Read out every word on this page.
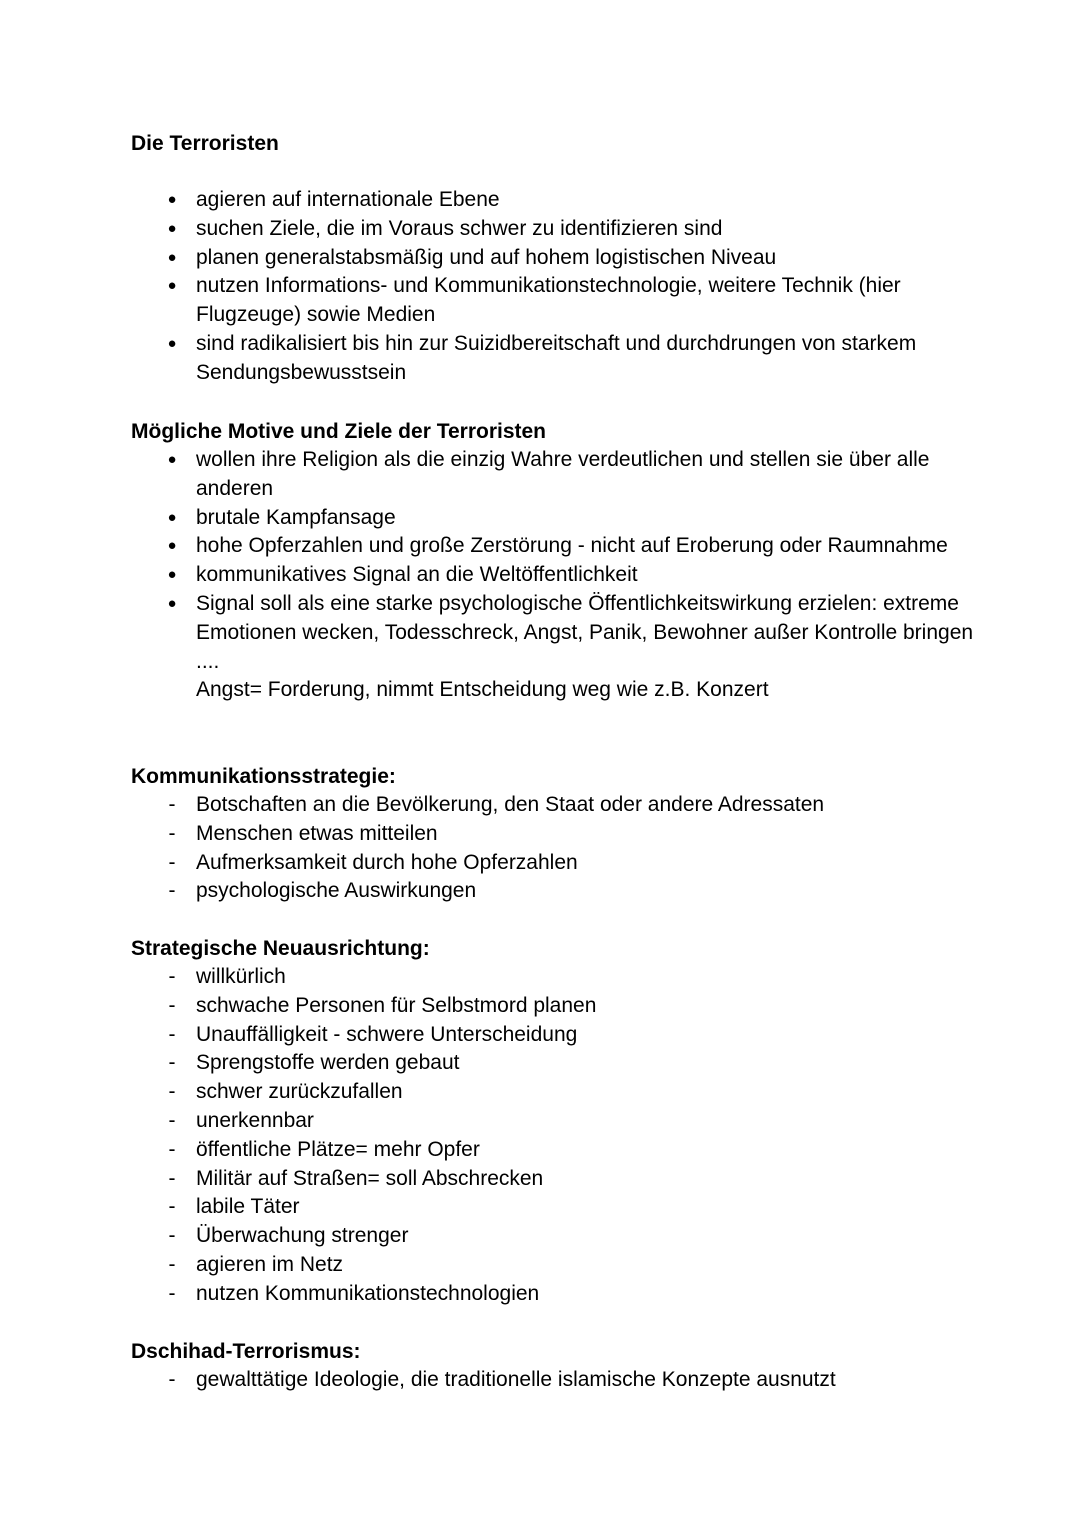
Die Terroristen
● agieren auf internationale Ebene
● suchen Ziele, die im Voraus schwer zu identifizieren sind
● planen generalstabsmäßig und auf hohem logistischen Niveau
● nutzen Informations- und Kommunikationstechnologie, weitere Technik (hier Flugzeuge) sowie Medien
● sind radikalisiert bis hin zur Suizidbereitschaft und durchdrungen von starkem Sendungsbewusstsein
Mögliche Motive und Ziele der Terroristen
● wollen ihre Religion als die einzig Wahre verdeutlichen und stellen sie über alle anderen
● brutale Kampfansage
● hohe Opferzahlen und große Zerstörung - nicht auf Eroberung oder Raumnahme
● kommunikatives Signal an die Weltöffentlichkeit
● Signal soll als eine starke psychologische Öffentlichkeitswirkung erzielen: extreme Emotionen wecken, Todesschreck, Angst, Panik, Bewohner außer Kontrolle bringen ....
Angst= Forderung, nimmt Entscheidung weg wie z.B. Konzert
Kommunikationsstrategie:
- Botschaften an die Bevölkerung, den Staat oder andere Adressaten
- Menschen etwas mitteilen
- Aufmerksamkeit durch hohe Opferzahlen
- psychologische Auswirkungen
Strategische Neuausrichtung:
- willkürlich
- schwache Personen für Selbstmord planen
- Unauffälligkeit - schwere Unterscheidung
- Sprengstoffe werden gebaut
- schwer zurückzufallen
- unerkennbar
- öffentliche Plätze= mehr Opfer
- Militär auf Straßen= soll Abschrecken
- labile Täter
- Überwachung strenger
- agieren im Netz
- nutzen Kommunikationstechnologien
Dschihad-Terrorismus:
- gewalttätige Ideologie, die traditionelle islamische Konzepte ausnutzt
